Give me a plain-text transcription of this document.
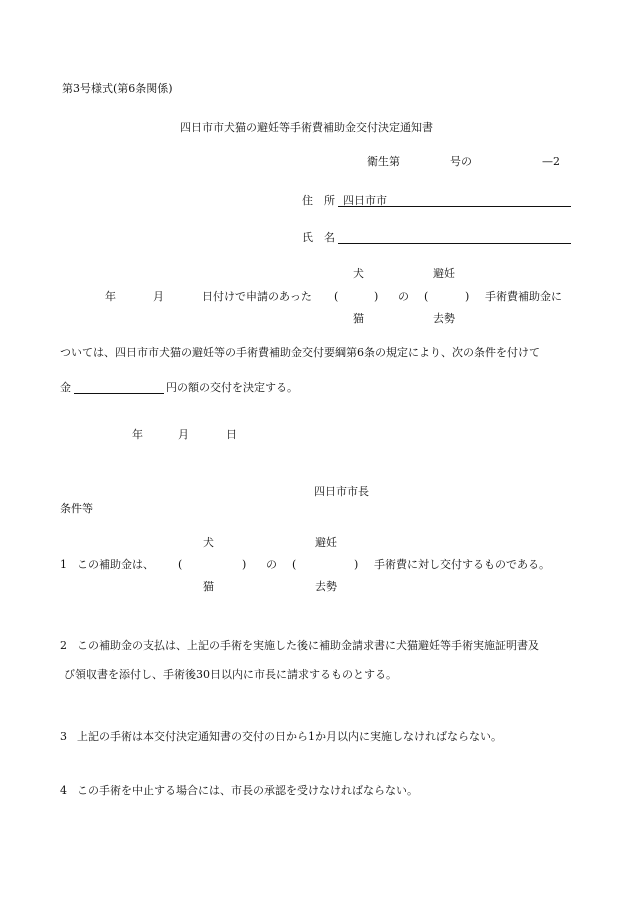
第3号様式(第6条関係)
四日市市犬猫の避妊等手術費補助金交付決定通知書
衛生第	号の	—2
住　所 四日市市
氏　名
犬	避妊
年	月	日付けで申請のあった (	) の (	) 手術費補助金に
猫	去勢
ついては、四日市市犬猫の避妊等の手術費補助金交付要綱第6条の規定により、次の条件を付けて
金	円の額の交付を決定する。
年	月	日
四日市市長
条件等
犬	避妊
1 この補助金は、 (	) の (	) 手術費に対し交付するものである。
猫	去勢
2 この補助金の支払は、上記の手術を実施した後に補助金請求書に犬猫避妊等手術実施証明書及
び領収書を添付し、手術後30日以内に市長に請求するものとする。
3 上記の手術は本交付決定通知書の交付の日から1か月以内に実施しなければならない。
4 この手術を中止する場合には、市長の承認を受けなければならない。
